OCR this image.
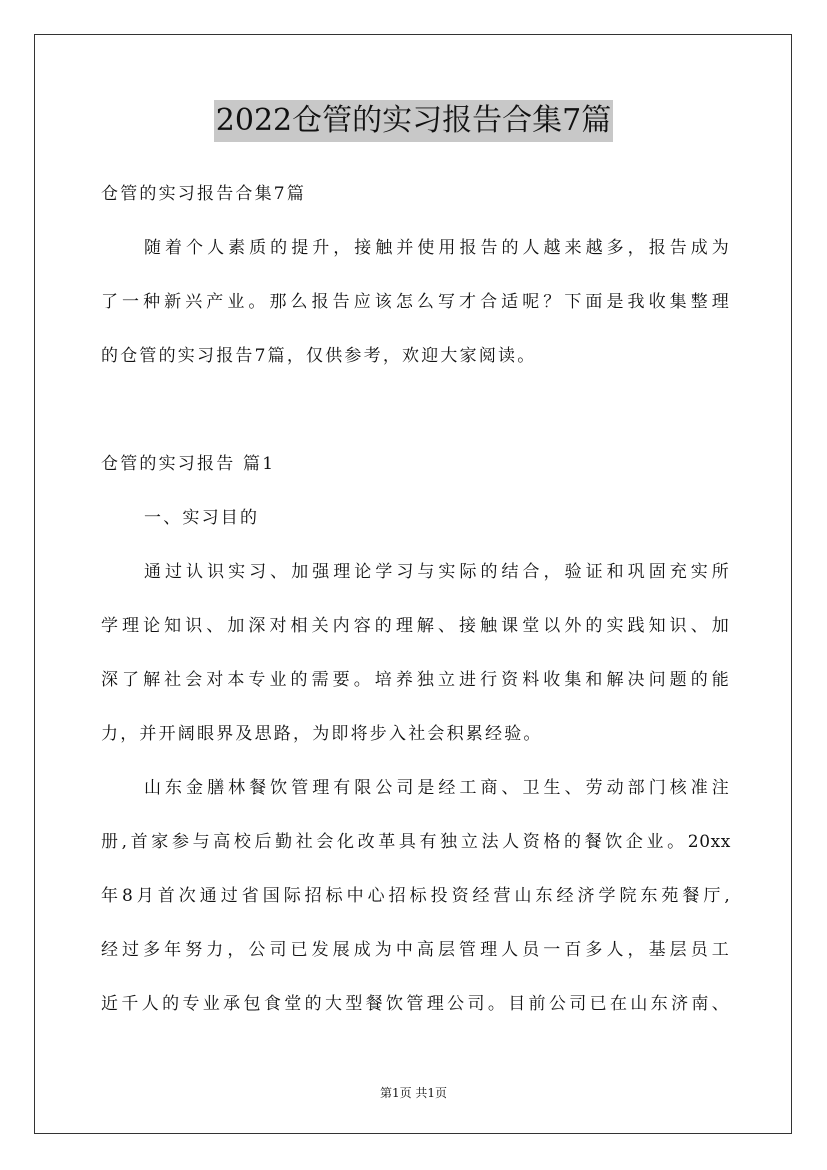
2022仓管的实习报告合集7篇
仓管的实习报告合集7篇
随着个人素质的提升，接触并使用报告的人越来越多，报告成为
了一种新兴产业。那么报告应该怎么写才合适呢？下面是我收集整理
的仓管的实习报告7篇，仅供参考，欢迎大家阅读。
仓管的实习报告 篇1
一、实习目的
通过认识实习、加强理论学习与实际的结合，验证和巩固充实所
学理论知识、加深对相关内容的理解、接触课堂以外的实践知识、加
深了解社会对本专业的需要。培养独立进行资料收集和解决问题的能
力，并开阔眼界及思路，为即将步入社会积累经验。
山东金膳林餐饮管理有限公司是经工商、卫生、劳动部门核准注
册,首家参与高校后勤社会化改革具有独立法人资格的餐饮企业。20xx
年8月首次通过省国际招标中心招标投资经营山东经济学院东苑餐厅,
经过多年努力，公司已发展成为中高层管理人员一百多人，基层员工
近千人的专业承包食堂的大型餐饮管理公司。目前公司已在山东济南、
第1页 共1页
